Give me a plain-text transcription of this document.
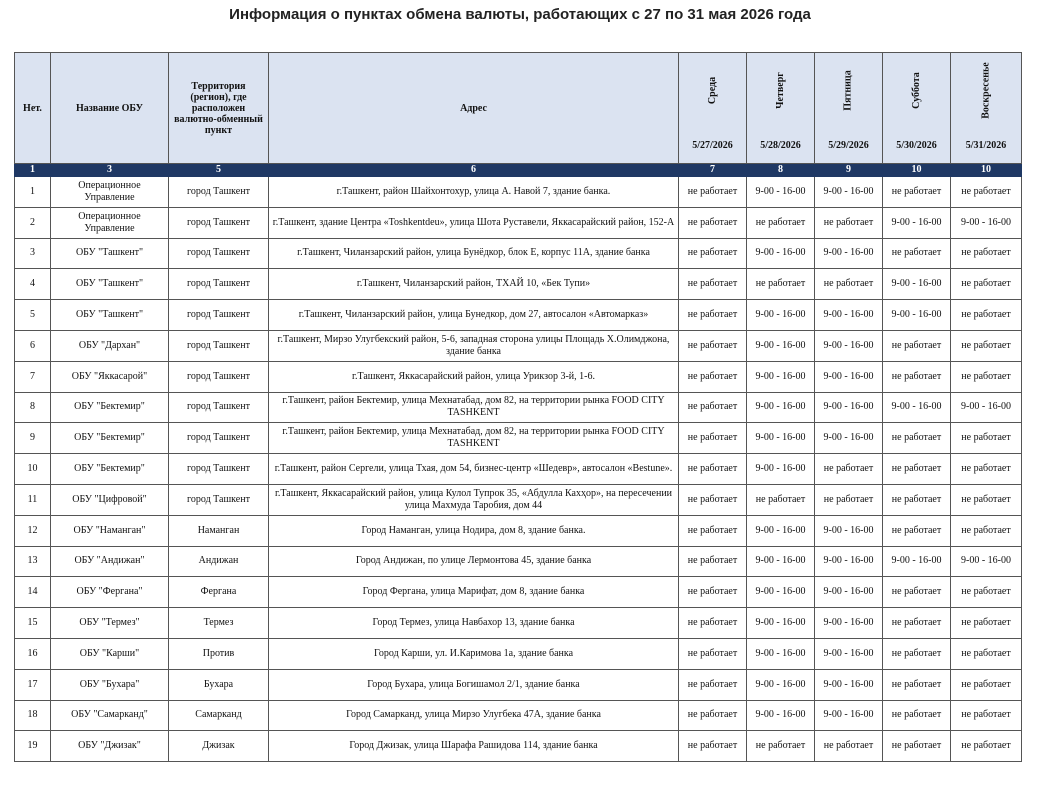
Информация о пунктах обмена валюты, работающих с 27 по 31 мая 2026 года
Нет.	Название ОБУ	Территория (регион), где расположен валютно-обменный пункт	Адрес	Среда	Четверг	Пятница	Суббота	Воскресенье
				5/27/2026	5/28/2026	5/29/2026	5/30/2026	5/31/2026
1	3	5	6	7	8	9	10	10
1	Операционное Управление	город Ташкент	г.Ташкент, район Шайхонтохур, улица А. Навой 7, здание банка.	не работает	9-00 - 16-00	9-00 - 16-00	не работает	не работает
2	Операционное Управление	город Ташкент	г.Ташкент, здание Центра «Toshkentdeu», улица Шота Руставели, Яккасарайский район, 152-А	не работает	не работает	не работает	9-00 - 16-00	9-00 - 16-00
3	ОБУ "Ташкент"	город Ташкент	г.Ташкент, Чиланзарский район, улица Бунёдкор, блок Е, корпус 11А, здание банка	не работает	9-00 - 16-00	9-00 - 16-00	не работает	не работает
4	ОБУ "Ташкент"	город Ташкент	г.Ташкент, Чиланзарский район, ТХАЙ 10, «Бек Тупи»	не работает	не работает	не работает	9-00 - 16-00	не работает
5	ОБУ "Ташкент"	город Ташкент	г.Ташкент, Чиланзарский район, улица Бунедкор, дом 27, автосалон «Автомарказ»	не работает	9-00 - 16-00	9-00 - 16-00	9-00 - 16-00	не работает
6	ОБУ "Дархан"	город Ташкент	г.Ташкент, Мирзо Улугбекский район, 5-6, западная сторона улицы Площадь Х.Олимджона, здание банка	не работает	9-00 - 16-00	9-00 - 16-00	не работает	не работает
7	ОБУ "Яккасарой"	город Ташкент	г.Ташкент, Яккасарайский район, улица Урикзор 3-й, 1-6.	не работает	9-00 - 16-00	9-00 - 16-00	не работает	не работает
8	ОБУ "Бектемир"	город Ташкент	г.Ташкент, район Бектемир, улица Мехнатабад, дом 82, на территории рынка FOOD CITY TASHKENT	не работает	9-00 - 16-00	9-00 - 16-00	9-00 - 16-00	9-00 - 16-00
9	ОБУ "Бектемир"	город Ташкент	г.Ташкент, район Бектемир, улица Мехнатабад, дом 82, на территории рынка FOOD CITY TASHKENT	не работает	9-00 - 16-00	9-00 - 16-00	не работает	не работает
10	ОБУ "Бектемир"	город Ташкент	г.Ташкент, район Сергели, улица Тхая, дом 54, бизнес-центр «Шедевр», автосалон «Bestune».	не работает	9-00 - 16-00	не работает	не работает	не работает
11	ОБУ "Цифровой"	город Ташкент	г.Ташкент, Яккасарайский район, улица Кулол Тупрок 35, «Абдулла Кахҳор», на пересечении улица Махмуда Таробия, дом 44	не работает	не работает	не работает	не работает	не работает
12	ОБУ "Наманган"	Наманган	Город Наманган, улица Нодира, дом 8, здание банка.	не работает	9-00 - 16-00	9-00 - 16-00	не работает	не работает
13	ОБУ "Андижан"	Андижан	Город Андижан, по улице Лермонтова 45, здание банка	не работает	9-00 - 16-00	9-00 - 16-00	9-00 - 16-00	9-00 - 16-00
14	ОБУ "Фергана"	Фергана	Город Фергана, улица Марифат, дом 8, здание банка	не работает	9-00 - 16-00	9-00 - 16-00	не работает	не работает
15	ОБУ "Термез"	Термез	Город Термез, улица Навбахор 13, здание банка	не работает	9-00 - 16-00	9-00 - 16-00	не работает	не работает
16	ОБУ "Карши"	Против	Город Карши, ул. И.Каримова 1а, здание банка	не работает	9-00 - 16-00	9-00 - 16-00	не работает	не работает
17	ОБУ "Бухара"	Бухара	Город Бухара, улица Богишамол 2/1, здание банка	не работает	9-00 - 16-00	9-00 - 16-00	не работает	не работает
18	ОБУ "Самарканд"	Самарканд	Город Самарканд, улица Мирзо Улугбека 47А, здание банка	не работает	9-00 - 16-00	9-00 - 16-00	не работает	не работает
19	ОБУ "Джизак"	Джизак	Город Джизак, улица Шарафа Рашидова 114, здание банка	не работает	не работает	не работает	не работает	не работает
